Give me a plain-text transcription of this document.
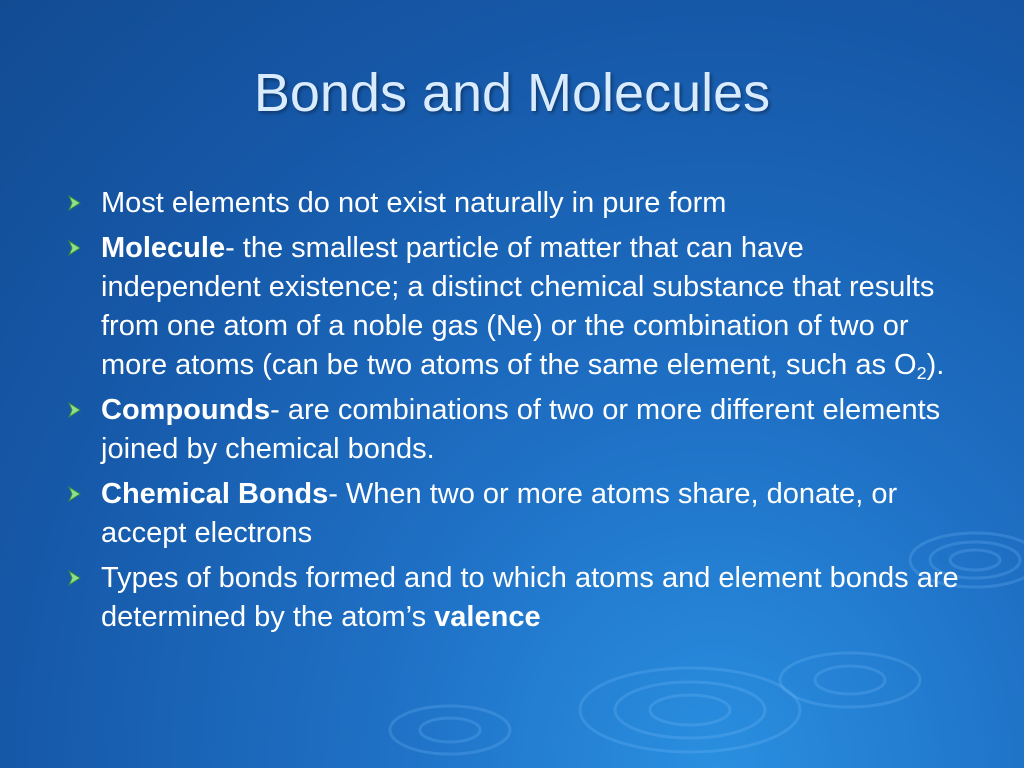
Bonds and Molecules
Most elements do not exist naturally in pure form
Molecule- the smallest particle of matter that can have independent existence; a distinct chemical substance that results from one atom of a noble gas (Ne) or the combination of two or more atoms (can be two atoms of the same element, such as $O_2$).
Compounds- are combinations of two or more different elements joined by chemical bonds.
Chemical Bonds- When two or more atoms share, donate, or accept electrons
Types of bonds formed and to which atoms and element bonds are determined by the atom’s valence
